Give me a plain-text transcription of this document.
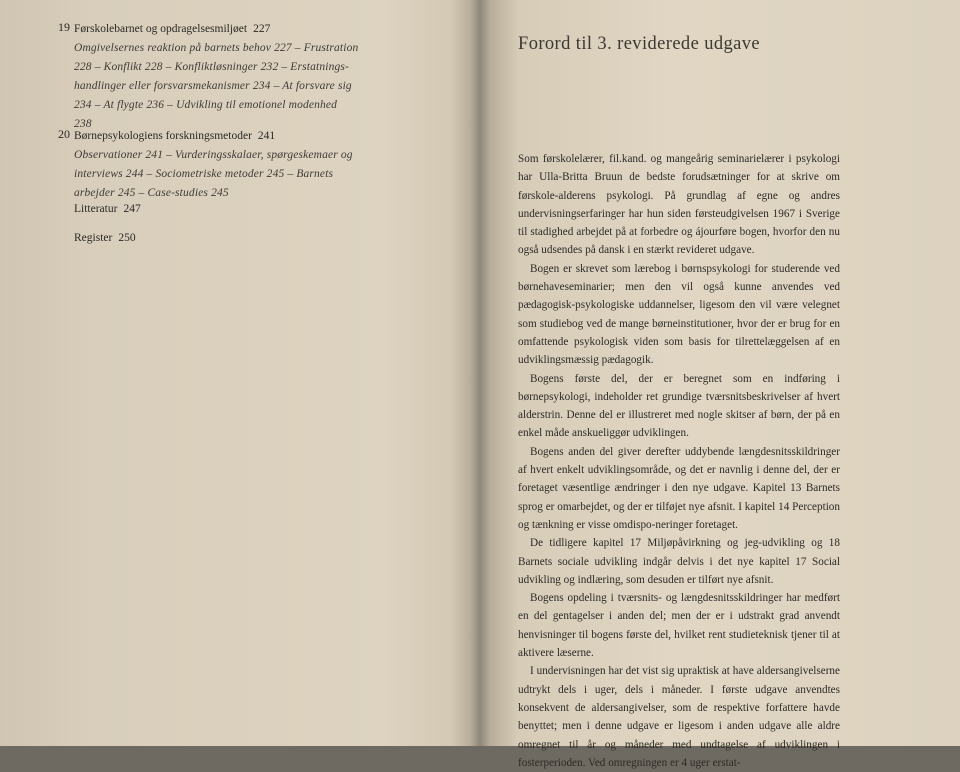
19 Førskolebarnet og opdragelsesmiljøet 227
Omgivelsernes reaktion på barnets behov 227 – Frustration
228 – Konflikt 228 – Konfliktløsninger 232 – Erstatnings-
handlinger eller forsvarsmekanismer 234 – At forsvare sig
234 – At flygte 236 – Udvikling til emotionel modenhed
238
20 Børnepsykologiens forskningsmetoder 241
Observationer 241 – Vurderingsskalaer, spørgeskemaer og
interviews 244 – Sociometriske metoder 245 – Barnets
arbejder 245 – Case-studies 245
Litteratur 247
Register 250
Forord til 3. reviderede udgave

Som førskolelærer, fil.kand. og mangeårig seminarielærer i psykologi har Ulla-Britta Bruun de bedste forudsætninger for at skrive om førskole-alderens psykologi. På grundlag af egne og andres undervisningserfaringer har hun siden førsteudgivelsen 1967 i Sverige til stadighed arbejdet på at forbedre og ájourføre bogen, hvorfor den nu også udsendes på dansk i en stærkt revideret udgave.

Bogen er skrevet som lærebog i børnspsykologi for studerende ved børnehaveseminarier; men den vil også kunne anvendes ved pædagogisk-psykologiske uddannelser, ligesom den vil være velegnet som studiebog ved de mange børneinstitutioner, hvor der er brug for en omfattende psykologisk viden som basis for tilrettelæggelsen af en udviklingsmæssig pædagogik.

Bogens første del, der er beregnet som en indføring i børnepsykologi, indeholder ret grundige tværsnitsbeskrivelser af hvert alderstrin. Denne del er illustreret med nogle skitser af børn, der på en enkel måde anskueliggør udviklingen.

Bogens anden del giver derefter uddybende længdesnitsskildringer af hvert enkelt udviklingsområde, og det er navnlig i denne del, der er foretaget væsentlige ændringer i den nye udgave. Kapitel 13 Barnets sprog er omarbejdet, og der er tilføjet nye afsnit. I kapitel 14 Perception og tænkning er visse omdispo-neringer foretaget.

De tidligere kapitel 17 Miljøpåvirkning og jeg-udvikling og 18 Barnets sociale udvikling indgår delvis i det nye kapitel 17 Social udvikling og indlæring, som desuden er tilført nye afsnit.

Bogens opdeling i tværsnits- og længdesnitsskildringer har medført en del gentagelser i anden del; men der er i udstrakt grad anvendt henvisninger til bogens første del, hvilket rent studieteknisk tjener til at aktivere læserne.

I undervisningen har det vist sig upraktisk at have aldersangivelserne udtrykt dels i uger, dels i måneder. I første udgave anvendtes konsekvent de aldersangivelser, som de respektive forfattere havde benyttet; men i denne udgave er ligesom i anden udgave alle aldre omregnet til år og måneder med undtagelse af udviklingen i fosterperioden. Ved omregningen er 4 uger erstat-
